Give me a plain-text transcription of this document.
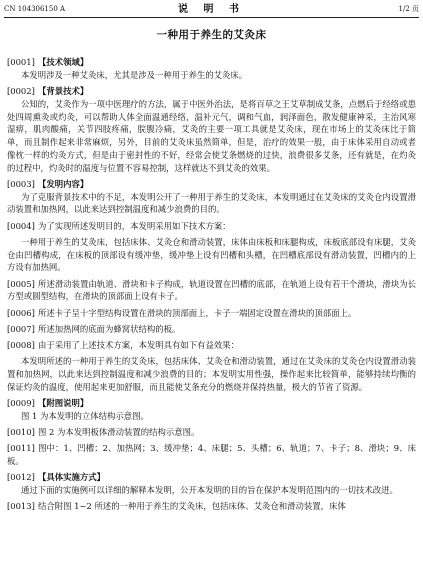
CN 104306150 A	说 明 书	1/2 页
一种用于养生的艾灸床
[0001] 【技术领域】
本发明涉及一种艾灸床，尤其是涉及一种用于养生的艾灸床。
[0002] 【背景技术】
公知的，艾灸作为一项中医理疗的方法，属于中医外治法，是将百草之王艾草制成艾条，点燃后于经络或患处四周熏灸或灼灸，可以帮助人体全面温通经络，温补元气，调和气血，润泽面色，散发健康神采，主治风寒湿痹，肌肉酸痛，关节四肢疼痛，脘腹冷痛，艾灸的主要一项工具就是艾灸床，现在市场上的艾灸床比于简单，而且制作起来非常麻烦，另外，目前的艾灸床虽然简单，但是，治疗的效果一般，由于床体采用自动或者像枕一样的灼灸方式，但是由于密封性的不好，经常会使艾条燃烧的过快，浪费很多艾条，还有就是，在灼灸的过程中，灼灸时的温度与位置不容易控制，这样就达不到艾灸的效果。
[0003] 【发明内容】
为了克服背景技术中的不足，本发明公开了一种用于养生的艾灸床，本发明通过在艾灸床的艾灸仓内设置滑动装置和加热网，以此来达到控制温度和减少浪费的目的。
[0004] 为了实现所述发明目的，本发明采用如下技术方案：
一种用于养生的艾灸床，包括床体、艾灸仓和滑动装置，床体由床板和床腿构成，床板底部设有床腿，艾灸仓由凹槽构成，在床板的顶部设有缓冲垫，缓冲垫上设有凹槽和头槽，在凹槽底部设有滑动装置，凹槽内的上方设有加热网。
[0005] 所述滑动装置由轨道、滑块和卡子构成，轨道设置在凹槽的底部，在轨道上设有若干个滑块，滑块为长方型或圆型结构，在滑块的顶部面上设有卡子。
[0006] 所述卡子呈十字型结构设置在滑块的顶部面上，卡子一端固定设置在滑块的顶部面上。
[0007] 所述加热网的底面为蜂窝状结构的板。
[0008] 由于采用了上述技术方案，本发明具有如下有益效果：
本发明所述的一种用于养生的艾灸床，包括床体、艾灸仓和滑动装置，通过在艾灸床的艾灸仓内设置滑动装置和加热网，以此来达到控制温度和减少浪费的目的；本发明实用性强，操作起来比较简单，能够持续均衡的保证灼灸的温度，使用起来更加舒服，而且能使艾条充分的燃烧并保持热量，极大的节省了资源。
[0009] 【附图说明】
图 1 为本发明的立体结构示意图。
[0010] 图 2 为本发明板体滑动装置的结构示意图。
[0011] 图中：1、凹槽；2、加热网；3、缓冲垫；4、床腿；5、头槽；6、轨道；7、卡子；8、滑块；9、床板。
[0012] 【具体实施方式】
通过下面的实施例可以详细的解释本发明，公开本发明的目的旨在保护本发明范围内的一切技术改进。
[0013] 结合附图 1~2 所述的一种用于养生的艾灸床，包括床体、艾灸仓和滑动装置，床体
